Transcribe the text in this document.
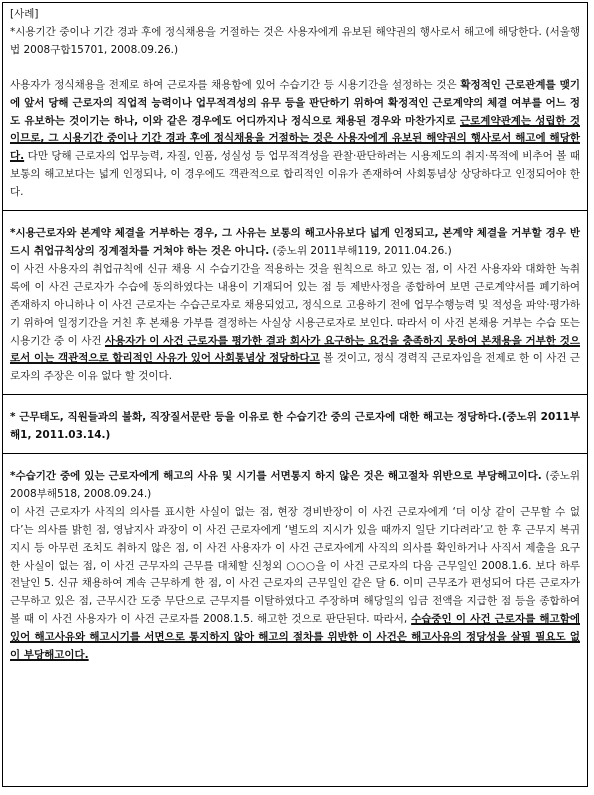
[사례]

*시용기간 중이나 기간 경과 후에 정식채용을 거절하는 것은 사용자에게 유보된 해약권의 행사로서 해고에 해당한다. (서울행법 2008구합15701, 2008.09.26.)

사용자가 정식채용을 전제로 하여 근로자를 채용함에 있어 수습기간 등 시용기간을 설정하는 것은 확정적인 근로관계를 맺기에 앞서 당해 근로자의 직업적 능력이나 업무적격성의 유무 등을 판단하기 위하여 확정적인 근로계약의 체결 여부를 어느 정도 유보하는 것이기는 하나, 이와 같은 경우에도 어디까지나 정식으로 채용된 경우와 마찬가지로 근로계약관계는 성립한 것이므로, 그 시용기간 중이나 기간 경과 후에 정식채용을 거절하는 것은 사용자에게 유보된 해약권의 행사로서 해고에 해당한다. 다만 당해 근로자의 업무능력, 자질, 인품, 성실성 등 업무적격성을 관찰·판단하려는 시용제도의 취지·목적에 비추어 볼 때 보통의 해고보다는 넓게 인정되나, 이 경우에도 객관적으로 합리적인 이유가 존재하여 사회통념상 상당하다고 인정되어야 한다.

*시용근로자와 본계약 체결을 거부하는 경우, 그 사유는 보통의 해고사유보다 넓게 인정되고, 본계약 체결을 거부할 경우 반드시 취업규칙상의 징계절차를 거쳐야 하는 것은 아니다. (중노위 2011부해119, 2011.04.26.)

이 사건 사용자의 취업규칙에 신규 채용 시 수습기간을 적용하는 것을 원칙으로 하고 있는 점, 이 사건 사용자와 대화한 녹취록에 이 사건 근로자가 수습에 동의하였다는 내용이 기재되어 있는 점 등 제반사정을 종합하여 보면 근로계약서를 폐기하여 존재하지 아니하나 이 사건 근로자는 수습근로자로 채용되었고, 정식으로 고용하기 전에 업무수행능력 및 적성을 파악·평가하기 위하여 일정기간을 거친 후 본채용 가부를 결정하는 사실상 시용근로자로 보인다. 따라서 이 사건 본채용 거부는 수습 또는 시용기간 중 이 사건 사용자가 이 사건 근로자를 평가한 결과 회사가 요구하는 요건을 충족하지 못하여 본채용을 거부한 것으로서 이는 객관적으로 합리적인 사유가 있어 사회통념상 정당하다고 볼 것이고, 정식 경력직 근로자임을 전제로 한 이 사건 근로자의 주장은 이유 없다 할 것이다.

* 근무태도, 직원들과의 불화, 직장질서문란 등을 이유로 한 수습기간 중의 근로자에 대한 해고는 정당하다.(중노위 2011부해1, 2011.03.14.)

*수습기간 중에 있는 근로자에게 해고의 사유 및 시기를 서면통지 하지 않은 것은 해고절차 위반으로 부당해고이다. (중노위 2008부해518, 2008.09.24.)

이 사건 근로자가 사직의 의사를 표시한 사실이 없는 점, 현장 경비반장이 이 사건 근로자에게 ‘더 이상 같이 근무할 수 없다’는 의사를 밝힌 점, 영남지사 과장이 이 사건 근로자에게 ‘별도의 지시가 있을 때까지 일단 기다려라’고 한 후 근무지 복귀지시 등 아무런 조치도 취하지 않은 점, 이 사건 사용자가 이 사건 근로자에게 사직의 의사를 확인하거나 사직서 제출을 요구한 사실이 없는 점, 이 사건 근무자의 근무를 대체할 신청외 ○○○을 이 사건 근로자의 다음 근무일인 2008.1.6. 보다 하루 전날인 5. 신규 채용하여 계속 근무하게 한 점, 이 사건 근로자의 근무일인 같은 달 6. 이미 근무조가 편성되어 다른 근로자가 근무하고 있은 점, 근무시간 도중 무단으로 근무지를 이탈하였다고 주장하며 해당일의 임금 전액을 지급한 점 등을 종합하여 볼 때 이 사건 사용자가 이 사건 근로자를 2008.1.5. 해고한 것으로 판단된다. 따라서, 수습중인 이 사건 근로자를 해고함에 있어 해고사유와 해고시기를 서면으로 통지하지 않아 해고의 절차를 위반한 이 사건은 해고사유의 정당성을 살필 필요도 없이 부당해고이다.
